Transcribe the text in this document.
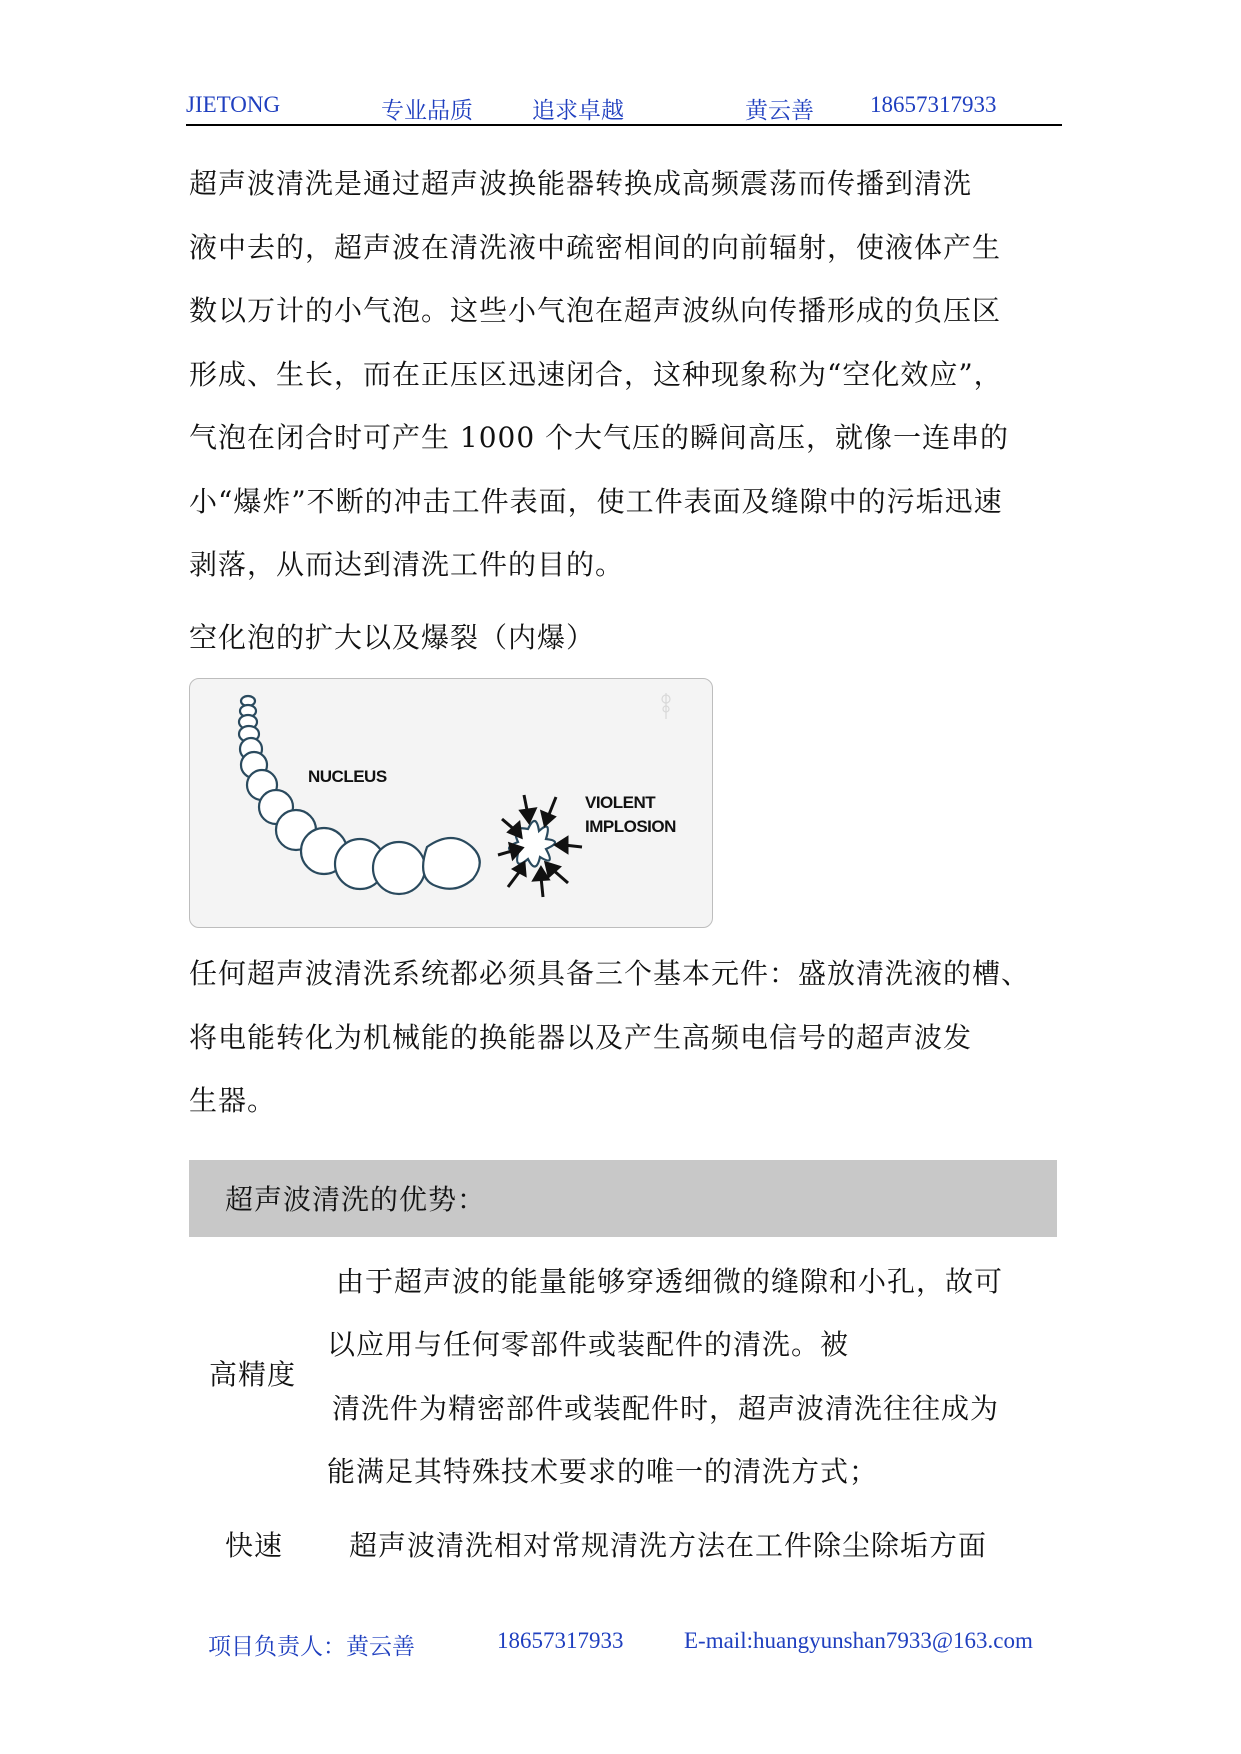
JIETONG	专业品质	追求卓越	黄云善 18657317933
超声波清洗是通过超声波换能器转换成高频震荡而传播到清洗
液中去的，超声波在清洗液中疏密相间的向前辐射，使液体产生
数以万计的小气泡。这些小气泡在超声波纵向传播形成的负压区
形成、生长，而在正压区迅速闭合，这种现象称为“空化效应”，
气泡在闭合时可产生 1000 个大气压的瞬间高压，就像一连串的
小“爆炸”不断的冲击工件表面，使工件表面及缝隙中的污垢迅速
剥落，从而达到清洗工件的目的。
空化泡的扩大以及爆裂（内爆）
NUCLEUS
VIOLENT
IMPLOSION
任何超声波清洗系统都必须具备三个基本元件：盛放清洗液的槽、
将电能转化为机械能的换能器以及产生高频电信号的超声波发
生器。
超声波清洗的优势：
高精度
由于超声波的能量能够穿透细微的缝隙和小孔，故可
以应用与任何零部件或装配件的清洗。被
清洗件为精密部件或装配件时，超声波清洗往往成为
能满足其特殊技术要求的唯一的清洗方式；
快速 超声波清洗相对常规清洗方法在工件除尘除垢方面
项目负责人：黄云善	18657317933	E-mail:huangyunshan7933@163.com
